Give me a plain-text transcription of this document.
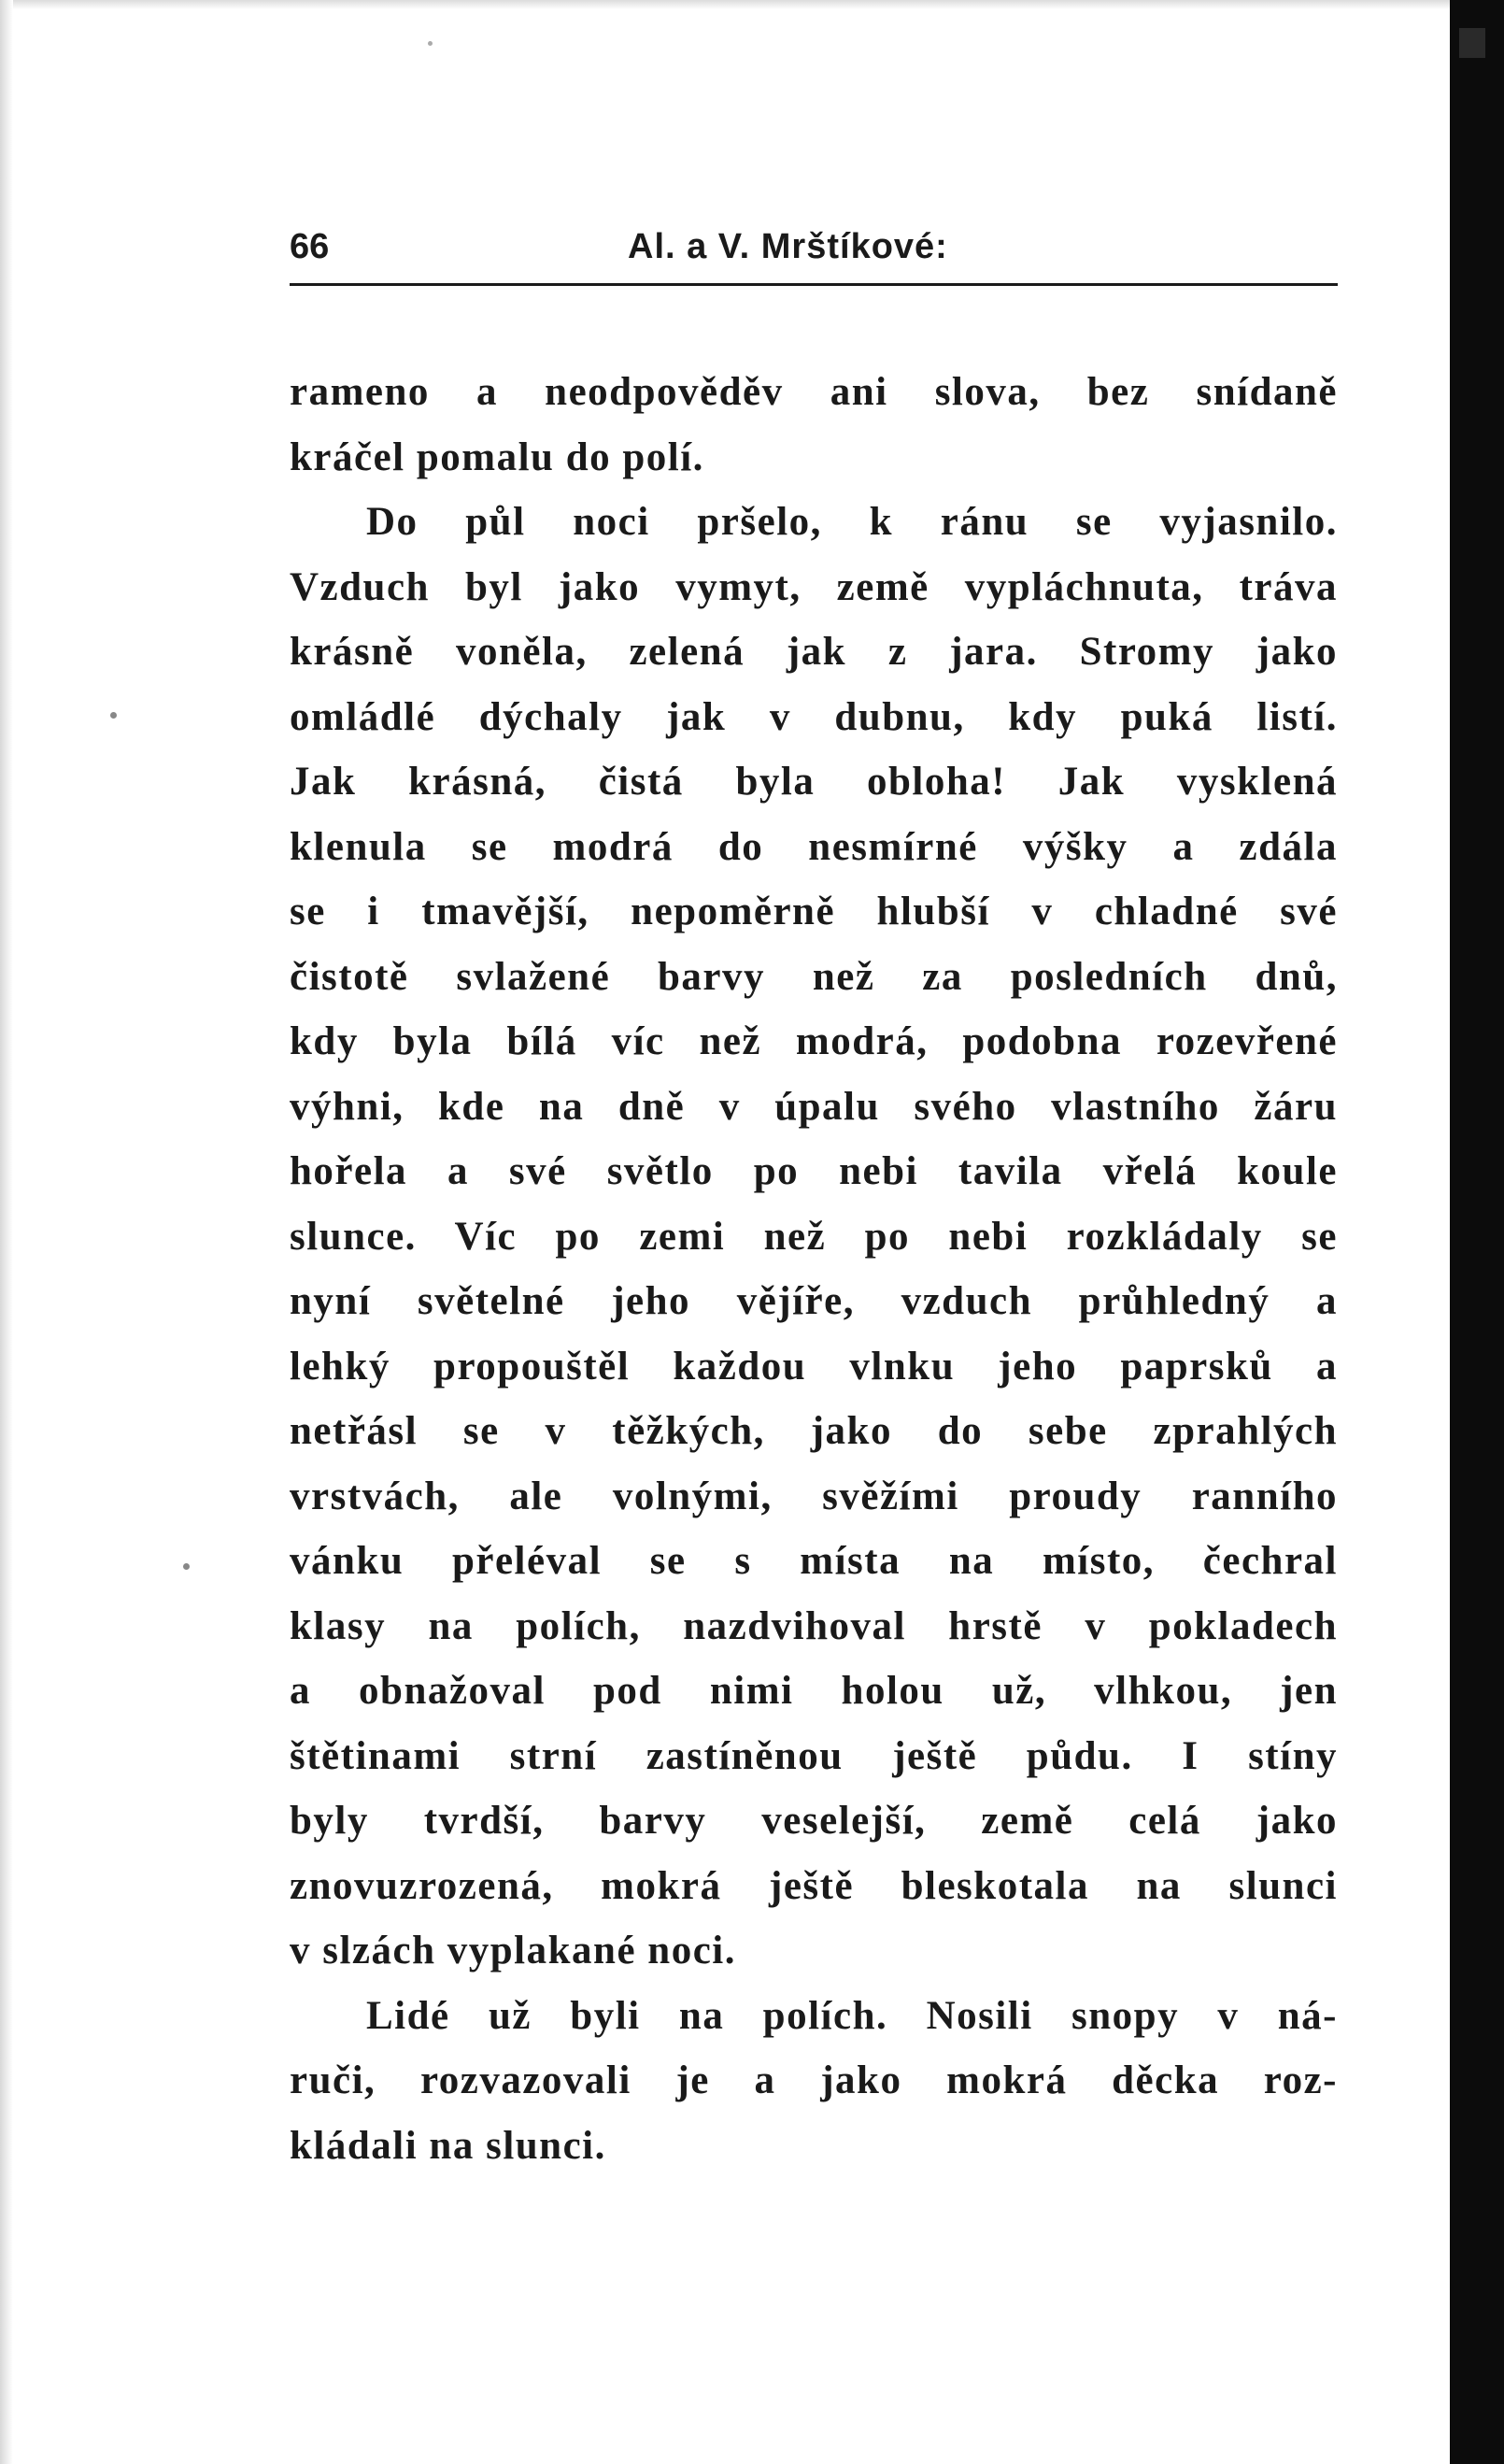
66	Al. a V. Mrštíkové:
rameno a neodpověděv ani slova, bez snídaně
kráčel pomalu do polí.
Do půl noci pršelo, k ránu se vyjasnilo.
Vzduch byl jako vymyt, země vypláchnuta, tráva
krásně voněla, zelená jak z jara. Stromy jako
omládlé dýchaly jak v dubnu, kdy puká listí.
Jak krásná, čistá byla obloha! Jak vysklená
klenula se modrá do nesmírné výšky a zdála
se i tmavější, nepoměrně hlubší v chladné své
čistotě svlažené barvy než za posledních dnů,
kdy byla bílá víc než modrá, podobna rozevřené
výhni, kde na dně v úpalu svého vlastního žáru
hořela a své světlo po nebi tavila vřelá koule
slunce. Víc po zemi než po nebi rozkládaly se
nyní světelné jeho vějíře, vzduch průhledný a
lehký propouštěl každou vlnku jeho paprsků a
netřásl se v těžkých, jako do sebe zprahlých
vrstvách, ale volnými, svěžími proudy ranního
vánku přeléval se s místa na místo, čechral
klasy na polích, nazdvihoval hrstě v pokladech
a obnažoval pod nimi holou už, vlhkou, jen
štětinami strní zastíněnou ještě půdu. I stíny
byly tvrdší, barvy veselejší, země celá jako
znovuzrozená, mokrá ještě bleskotala na slunci
v slzách vyplakané noci.
Lidé už byli na polích. Nosili snopy v ná-
ruči, rozvazovali je a jako mokrá děcka roz-
kládali na slunci.
